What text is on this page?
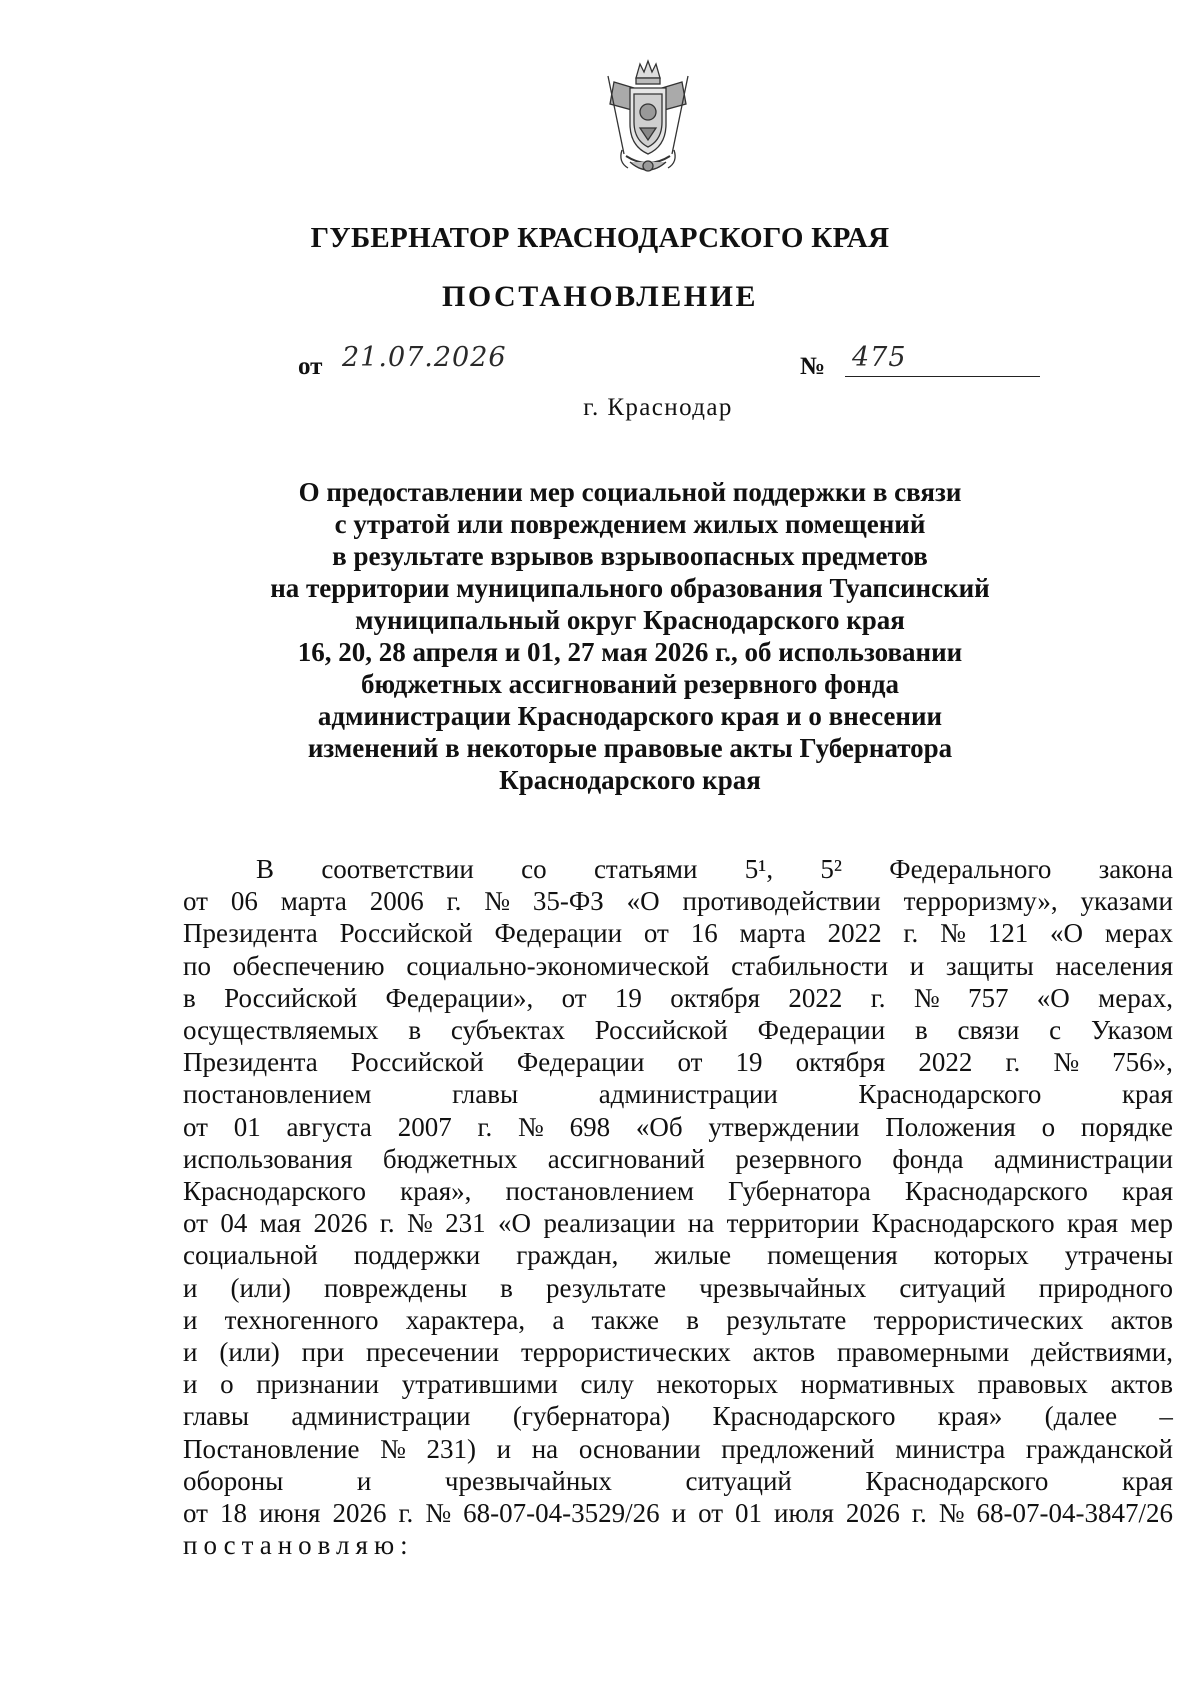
ГУБЕРНАТОР КРАСНОДАРСКОГО КРАЯ
ПОСТАНОВЛЕНИЕ
от 21.07.2026	№ 475
г. Краснодар
О предоставлении мер социальной поддержки в связи
с утратой или повреждением жилых помещений
в результате взрывов взрывоопасных предметов
на территории муниципального образования Туапсинский
муниципальный округ Краснодарского края
16, 20, 28 апреля и 01, 27 мая 2026 г., об использовании
бюджетных ассигнований резервного фонда
администрации Краснодарского края и о внесении
изменений в некоторые правовые акты Губернатора
Краснодарского края
В соответствии со статьями 5¹, 5² Федерального закона
от 06 марта 2006 г. № 35-ФЗ «О противодействии терроризму», указами
Президента Российской Федерации от 16 марта 2022 г. № 121 «О мерах
по обеспечению социально-экономической стабильности и защиты населения
в Российской Федерации», от 19 октября 2022 г. № 757 «О мерах,
осуществляемых в субъектах Российской Федерации в связи с Указом
Президента Российской Федерации от 19 октября 2022 г. № 756»,
постановлением	главы	администрации	Краснодарского	края
от 01 августа 2007 г. № 698 «Об утверждении Положения о порядке
использования бюджетных ассигнований резервного фонда администрации
Краснодарского края», постановлением Губернатора Краснодарского края
от 04 мая 2026 г. № 231 «О реализации на территории Краснодарского края мер
социальной поддержки граждан, жилые помещения которых утрачены
и (или) повреждены в результате чрезвычайных ситуаций природного
и техногенного характера, а также в результате террористических актов
и (или) при пресечении террористических актов правомерными действиями,
и о признании утратившими силу некоторых нормативных правовых актов
главы администрации (губернатора) Краснодарского края» (далее –
Постановление № 231) и на основании предложений министра гражданской
обороны	и	чрезвычайных	ситуаций	Краснодарского	края
от 18 июня 2026 г. № 68-07-04-3529/26 и от 01 июля 2026 г. № 68-07-04-3847/26
постановляю:
